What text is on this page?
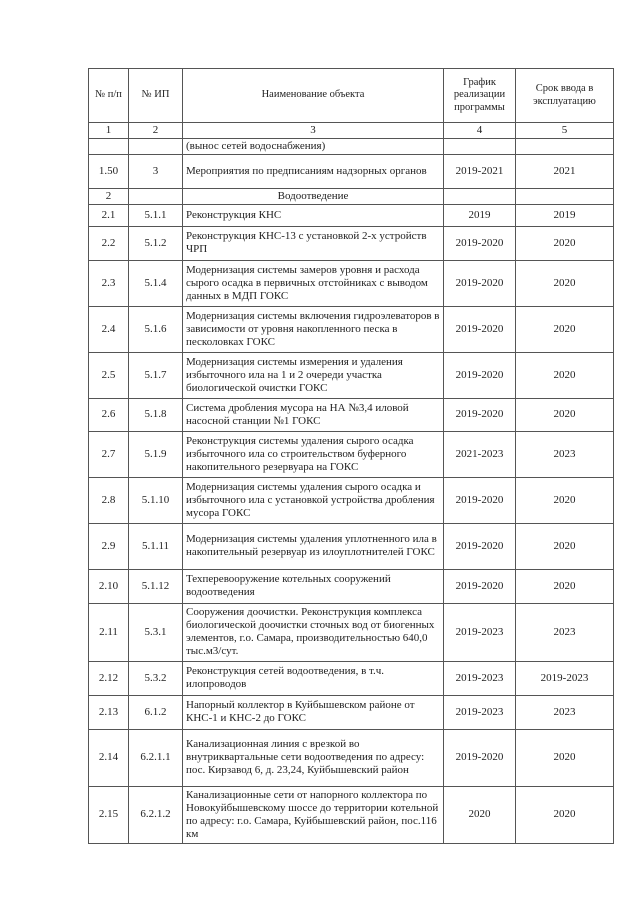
№ п/п	№ ИП	Наименование объекта	График реализации программы	Срок ввода в эксплуатацию
1	2	3	4	5
		(вынос сетей водоснабжения)		
1.50	3	Мероприятия по предписаниям надзорных органов	2019-2021	2021
2		Водоотведение		
2.1	5.1.1	Реконструкция КНС	2019	2019
2.2	5.1.2	Реконструкция КНС-13 с установкой 2-х устройств ЧРП	2019-2020	2020
2.3	5.1.4	Модернизация системы замеров уровня и расхода сырого осадка в первичных отстойниках с выводом данных в МДП ГОКС	2019-2020	2020
2.4	5.1.6	Модернизация системы включения гидроэлеваторов в зависимости от уровня накопленного песка в песколовках ГОКС	2019-2020	2020
2.5	5.1.7	Модернизация системы измерения и удаления избыточного ила на 1 и 2 очереди участка биологической очистки ГОКС	2019-2020	2020
2.6	5.1.8	Система дробления мусора на НА №3,4 иловой насосной станции №1 ГОКС	2019-2020	2020
2.7	5.1.9	Реконструкция системы удаления сырого осадка избыточного ила со строительством буферного накопительного резервуара на ГОКС	2021-2023	2023
2.8	5.1.10	Модернизация системы удаления сырого осадка и избыточного ила с установкой устройства дробления мусора ГОКС	2019-2020	2020
2.9	5.1.11	Модернизация системы удаления уплотненного ила в накопительный резервуар из илоуплотнителей ГОКС	2019-2020	2020
2.10	5.1.12	Техперевооружение котельных сооружений водоотведения	2019-2020	2020
2.11	5.3.1	Сооружения доочистки. Реконструкция комплекса биологической доочистки сточных вод от биогенных элементов, г.о. Самара, производительностью 640,0 тыс.м3/сут.	2019-2023	2023
2.12	5.3.2	Реконструкция сетей водоотведения, в т.ч. илопроводов	2019-2023	2019-2023
2.13	6.1.2	Напорный коллектор в Куйбышевском районе от КНС-1 и КНС-2 до ГОКС	2019-2023	2023
2.14	6.2.1.1	Канализационная линия с врезкой во внутриквартальные сети водоотведения по адресу: пос. Кирзавод 6, д. 23,24, Куйбышевский район	2019-2020	2020
2.15	6.2.1.2	Канализационные сети от напорного коллектора по Новокуйбышевскому шоссе до территории котельной по адресу: г.о. Самара, Куйбышевский район, пос.116 км	2020	2020
